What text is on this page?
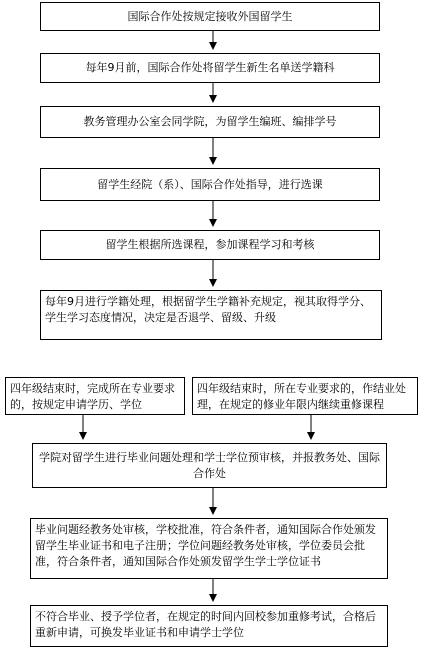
国际合作处按规定接收外国留学生
每年9月前，国际合作处将留学生新生名单送学籍科
教务管理办公室会同学院，为留学生编班、编排学号
留学生经院（系）、国际合作处指导，进行选课
留学生根据所选课程，参加课程学习和考核
每年9月进行学籍处理，根据留学生学籍补充规定，视其取得学分、学生学习态度情况，决定是否退学、留级、升级
四年级结束时，完成所在专业要求的，按规定申请学历、学位
四年级结束时，所在专业要求的，作结业处理，在规定的修业年限内继续重修课程
学院对留学生进行毕业问题处理和学士学位预审核，并报教务处、国际合作处
毕业问题经教务处审核，学校批准，符合条件者，通知国际合作处颁发留学生毕业证书和电子注册；学位问题经教务处审核，学位委员会批准，符合条件者，通知国际合作处颁发留学生学士学位证书
不符合毕业、授予学位者，在规定的时间内回校参加重修考试，合格后重新申请，可换发毕业证书和申请学士学位
